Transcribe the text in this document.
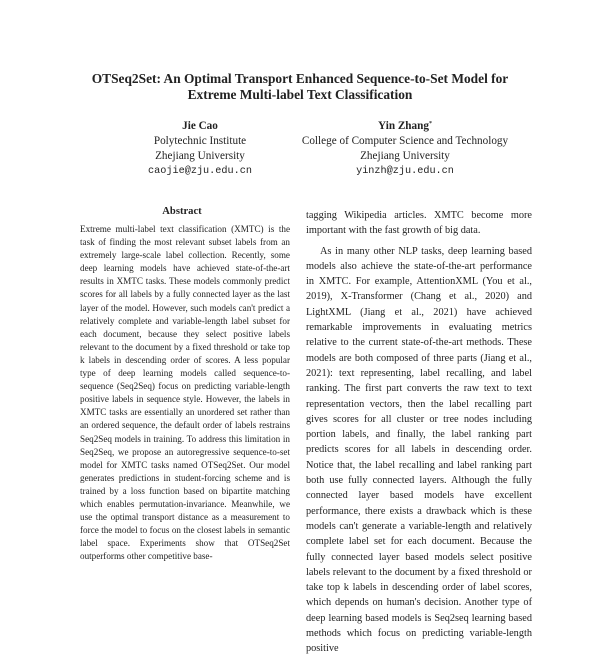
OTSeq2Set: An Optimal Transport Enhanced Sequence-to-Set Model for
Extreme Multi-label Text Classification
Jie Cao
Polytechnic Institute
Zhejiang University
caojie@zju.edu.cn
Yin Zhang*
College of Computer Science and Technology
Zhejiang University
yinzh@zju.edu.cn
Abstract
Extreme multi-label text classification (XMTC) is the task of finding the most relevant subset labels from an extremely large-scale label collection. Recently, some deep learning models have achieved state-of-the-art results in XMTC tasks. These models commonly predict scores for all labels by a fully connected layer as the last layer of the model. However, such models can't predict a relatively complete and variable-length label subset for each document, because they select positive labels relevant to the document by a fixed threshold or take top k labels in descending order of scores. A less popular type of deep learning models called sequence-to-sequence (Seq2Seq) focus on predicting variable-length positive labels in sequence style. However, the labels in XMTC tasks are essentially an unordered set rather than an ordered sequence, the default order of labels restrains Seq2Seq models in training. To address this limitation in Seq2Seq, we propose an autoregressive sequence-to-set model for XMTC tasks named OTSeq2Set. Our model generates predictions in student-forcing scheme and is trained by a loss function based on bipartite matching which enables permutation-invariance. Meanwhile, we use the optimal transport distance as a measurement to force the model to focus on the closest labels in semantic label space. Experiments show that OTSeq2Set outperforms other competitive base-

tagging Wikipedia articles. XMTC become more important with the fast growth of big data.

As in many other NLP tasks, deep learning based models also achieve the state-of-the-art performance in XMTC. For example, AttentionXML (You et al., 2019), X-Transformer (Chang et al., 2020) and LightXML (Jiang et al., 2021) have achieved remarkable improvements in evaluating metrics relative to the current state-of-the-art methods. These models are both composed of three parts (Jiang et al., 2021): text representing, label recalling, and label ranking. The first part converts the raw text to text representation vectors, then the label recalling part gives scores for all cluster or tree nodes including portion labels, and finally, the label ranking part predicts scores for all labels in descending order. Notice that, the label recalling and label ranking part both use fully connected layers. Although the fully connected layer based models have excellent performance, there exists a drawback which is these models can't generate a variable-length and relatively complete label set for each document. Because the fully connected layer based models select positive labels relevant to the document by a fixed threshold or take top k labels in descending order of label scores, which depends on human's decision. Another type of deep learning based models is Seq2seq learning based methods which focus on predicting variable-length positive
